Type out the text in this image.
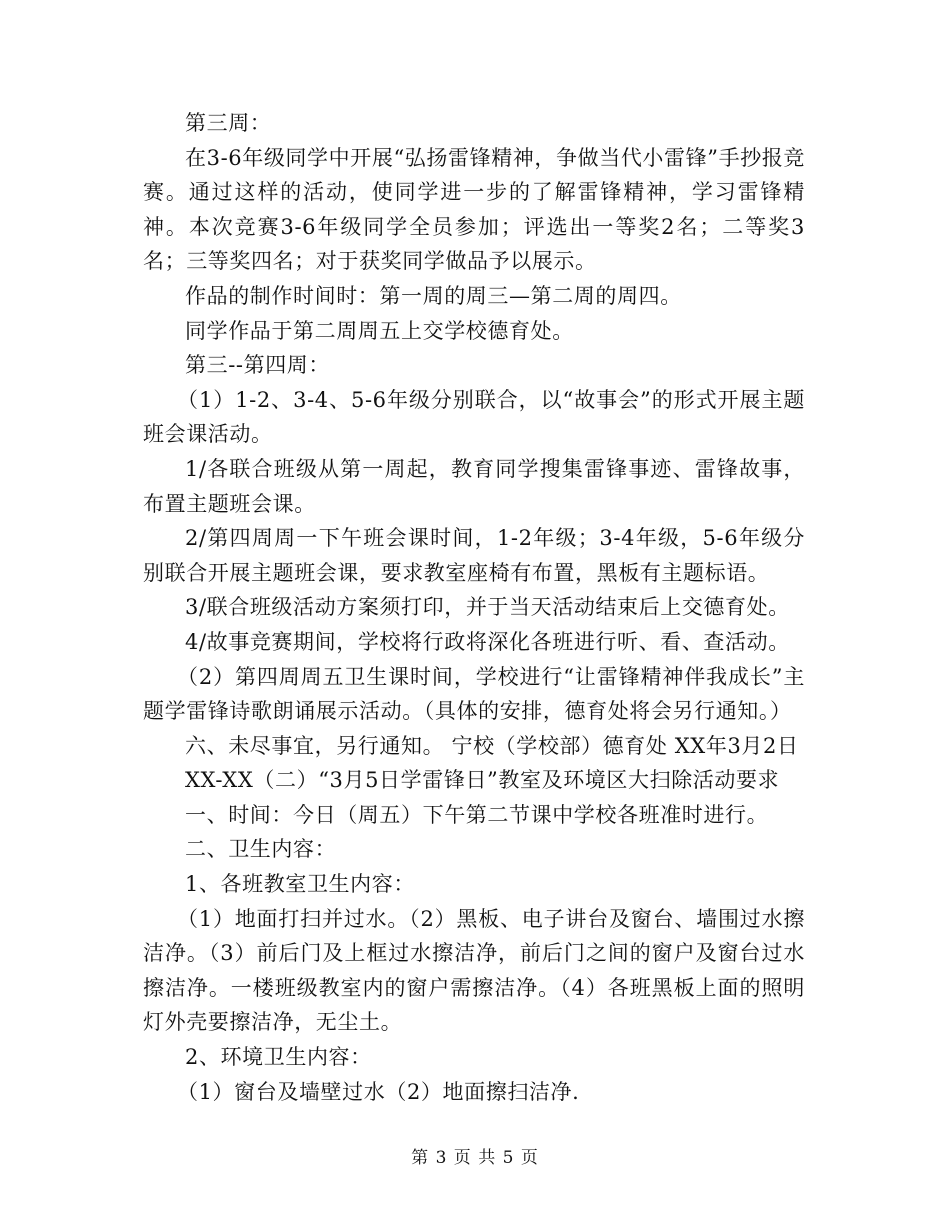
第三周：

在3-6年级同学中开展“弘扬雷锋精神，争做当代小雷锋”手抄报竞赛。通过这样的活动，使同学进一步的了解雷锋精神，学习雷锋精神。本次竞赛3-6年级同学全员参加；评选出一等奖2名；二等奖3名；三等奖四名；对于获奖同学做品予以展示。

作品的制作时间时：第一周的周三—第二周的周四。

同学作品于第二周周五上交学校德育处。

第三--第四周：

（1）1-2、3-4、5-6年级分别联合，以“故事会”的形式开展主题班会课活动。

1/各联合班级从第一周起，教育同学搜集雷锋事迹、雷锋故事，布置主题班会课。

2/第四周周一下午班会课时间，1-2年级；3-4年级，5-6年级分别联合开展主题班会课，要求教室座椅有布置，黑板有主题标语。

3/联合班级活动方案须打印，并于当天活动结束后上交德育处。

4/故事竞赛期间，学校将行政将深化各班进行听、看、查活动。

（2）第四周周五卫生课时间，学校进行“让雷锋精神伴我成长”主题学雷锋诗歌朗诵展示活动。（具体的安排，德育处将会另行通知。）

六、未尽事宜，另行通知。 宁校（学校部）德育处 XX年3月2日

XX-XX（二）“3月5日学雷锋日”教室及环境区大扫除活动要求

一、时间：今日（周五）下午第二节课中学校各班准时进行。

二、卫生内容：

1、各班教室卫生内容：

（1）地面打扫并过水。（2）黑板、电子讲台及窗台、墙围过水擦洁净。（3）前后门及上框过水擦洁净，前后门之间的窗户及窗台过水擦洁净。一楼班级教室内的窗户需擦洁净。（4）各班黑板上面的照明灯外壳要擦洁净，无尘土。

2、环境卫生内容：

（1）窗台及墙壁过水（2）地面擦扫洁净.

第 3 页 共 5 页
